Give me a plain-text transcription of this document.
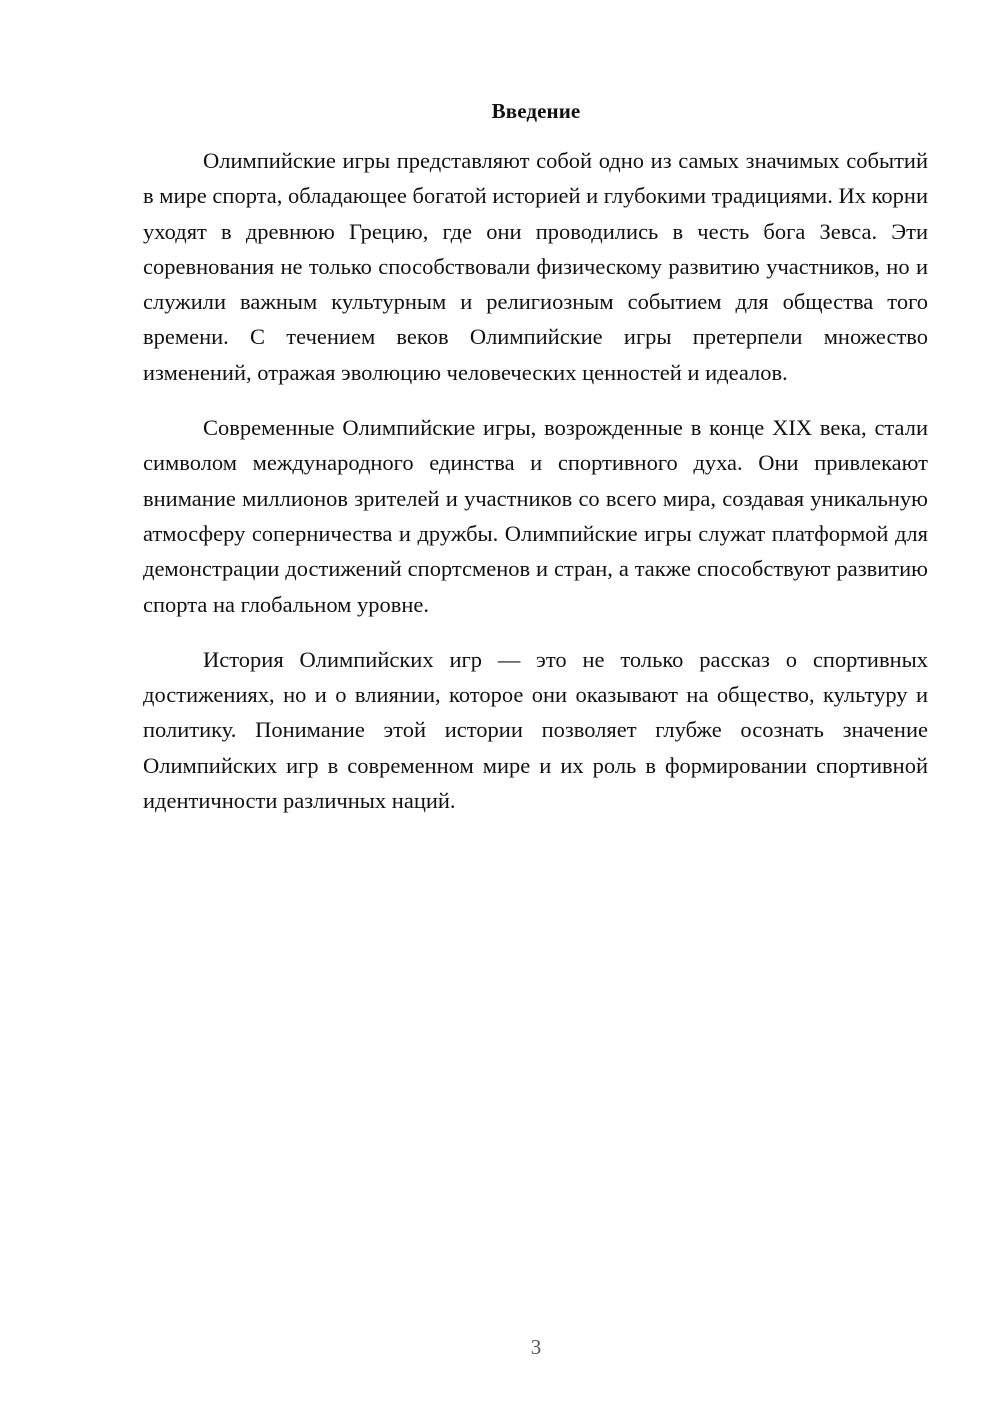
Введение

Олимпийские игры представляют собой одно из самых значимых событий в мире спорта, обладающее богатой историей и глубокими традициями. Их корни уходят в древнюю Грецию, где они проводились в честь бога Зевса. Эти соревнования не только способствовали физическому развитию участников, но и служили важным культурным и религиозным событием для общества того времени. С течением веков Олимпийские игры претерпели множество изменений, отражая эволюцию человеческих ценностей и идеалов.

Современные Олимпийские игры, возрожденные в конце XIX века, стали символом международного единства и спортивного духа. Они привлекают внимание миллионов зрителей и участников со всего мира, создавая уникальную атмосферу соперничества и дружбы. Олимпийские игры служат платформой для демонстрации достижений спортсменов и стран, а также способствуют развитию спорта на глобальном уровне.

История Олимпийских игр — это не только рассказ о спортивных достижениях, но и о влиянии, которое они оказывают на общество, культуру и политику. Понимание этой истории позволяет глубже осознать значение Олимпийских игр в современном мире и их роль в формировании спортивной идентичности различных наций.

3
